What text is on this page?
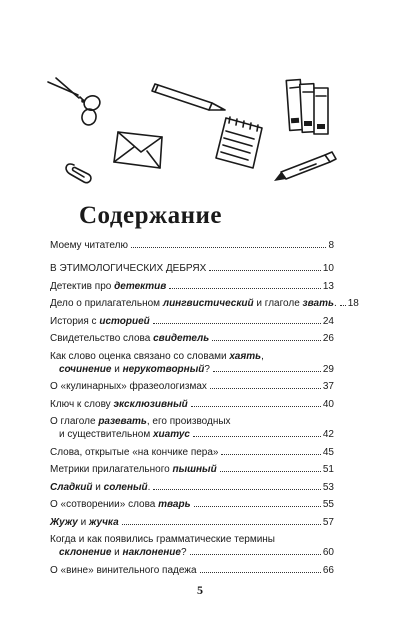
Содержание
Моему читателю	8
В ЭТИМОЛОГИЧЕСКИХ ДЕБРЯХ	10
Детектив про детектив	13
Дело о прилагательном лингвистический и глаголе звать. 18
История с историей	24
Свидетельство слова свидетель	26
Как слово оценка связано со словами хаять,
сочинение и нерукотворный?	29
О «кулинарных» фразеологизмах	37
Ключ к слову эксклюзивный	40
О глаголе разевать, его производных
и существительном хиатус	42
Слова, открытые «на кончике пера»	45
Метрики прилагательного пышный	51
Сладкий и соленый.	53
О «сотворении» слова тварь	55
Жужу и жучка	57
Когда и как появились грамматические термины
склонение и наклонение?	60
О «вине» винительного падежа	66
5
